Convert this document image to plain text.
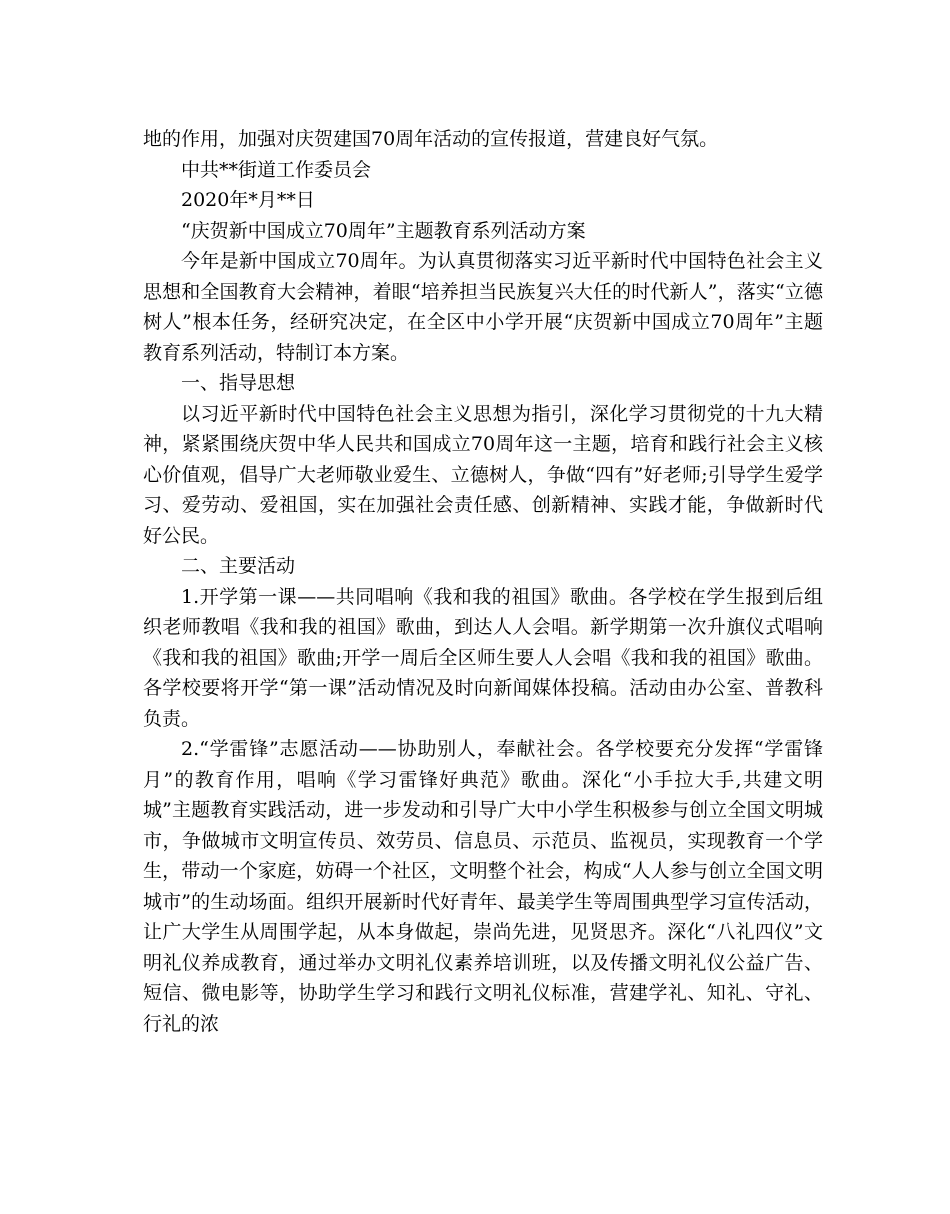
地的作用，加强对庆贺建国70周年活动的宣传报道，营建良好气氛。

中共**街道工作委员会

2020年*月**日

“庆贺新中国成立70周年”主题教育系列活动方案

今年是新中国成立70周年。为认真贯彻落实习近平新时代中国特色社会主义思想和全国教育大会精神，着眼“培养担当民族复兴大任的时代新人”，落实“立德树人”根本任务，经研究决定，在全区中小学开展“庆贺新中国成立70周年”主题教育系列活动，特制订本方案。

一、指导思想

以习近平新时代中国特色社会主义思想为指引，深化学习贯彻党的十九大精神，紧紧围绕庆贺中华人民共和国成立70周年这一主题，培育和践行社会主义核心价值观，倡导广大老师敬业爱生、立德树人，争做“四有”好老师;引导学生爱学习、爱劳动、爱祖国，实在加强社会责任感、创新精神、实践才能，争做新时代好公民。

二、主要活动

1.开学第一课——共同唱响《我和我的祖国》歌曲。各学校在学生报到后组织老师教唱《我和我的祖国》歌曲，到达人人会唱。新学期第一次升旗仪式唱响《我和我的祖国》歌曲;开学一周后全区师生要人人会唱《我和我的祖国》歌曲。各学校要将开学“第一课”活动情况及时向新闻媒体投稿。活动由办公室、普教科负责。

2.“学雷锋”志愿活动——协助别人，奉献社会。各学校要充分发挥“学雷锋月”的教育作用，唱响《学习雷锋好典范》歌曲。深化“小手拉大手,共建文明城”主题教育实践活动，进一步发动和引导广大中小学生积极参与创立全国文明城市，争做城市文明宣传员、效劳员、信息员、示范员、监视员，实现教育一个学生，带动一个家庭，妨碍一个社区，文明整个社会，构成“人人参与创立全国文明城市”的生动场面。组织开展新时代好青年、最美学生等周围典型学习宣传活动，让广大学生从周围学起，从本身做起，崇尚先进，见贤思齐。深化“八礼四仪”文明礼仪养成教育，通过举办文明礼仪素养培训班，以及传播文明礼仪公益广告、短信、微电影等，协助学生学习和践行文明礼仪标准，营建学礼、知礼、守礼、行礼的浓
